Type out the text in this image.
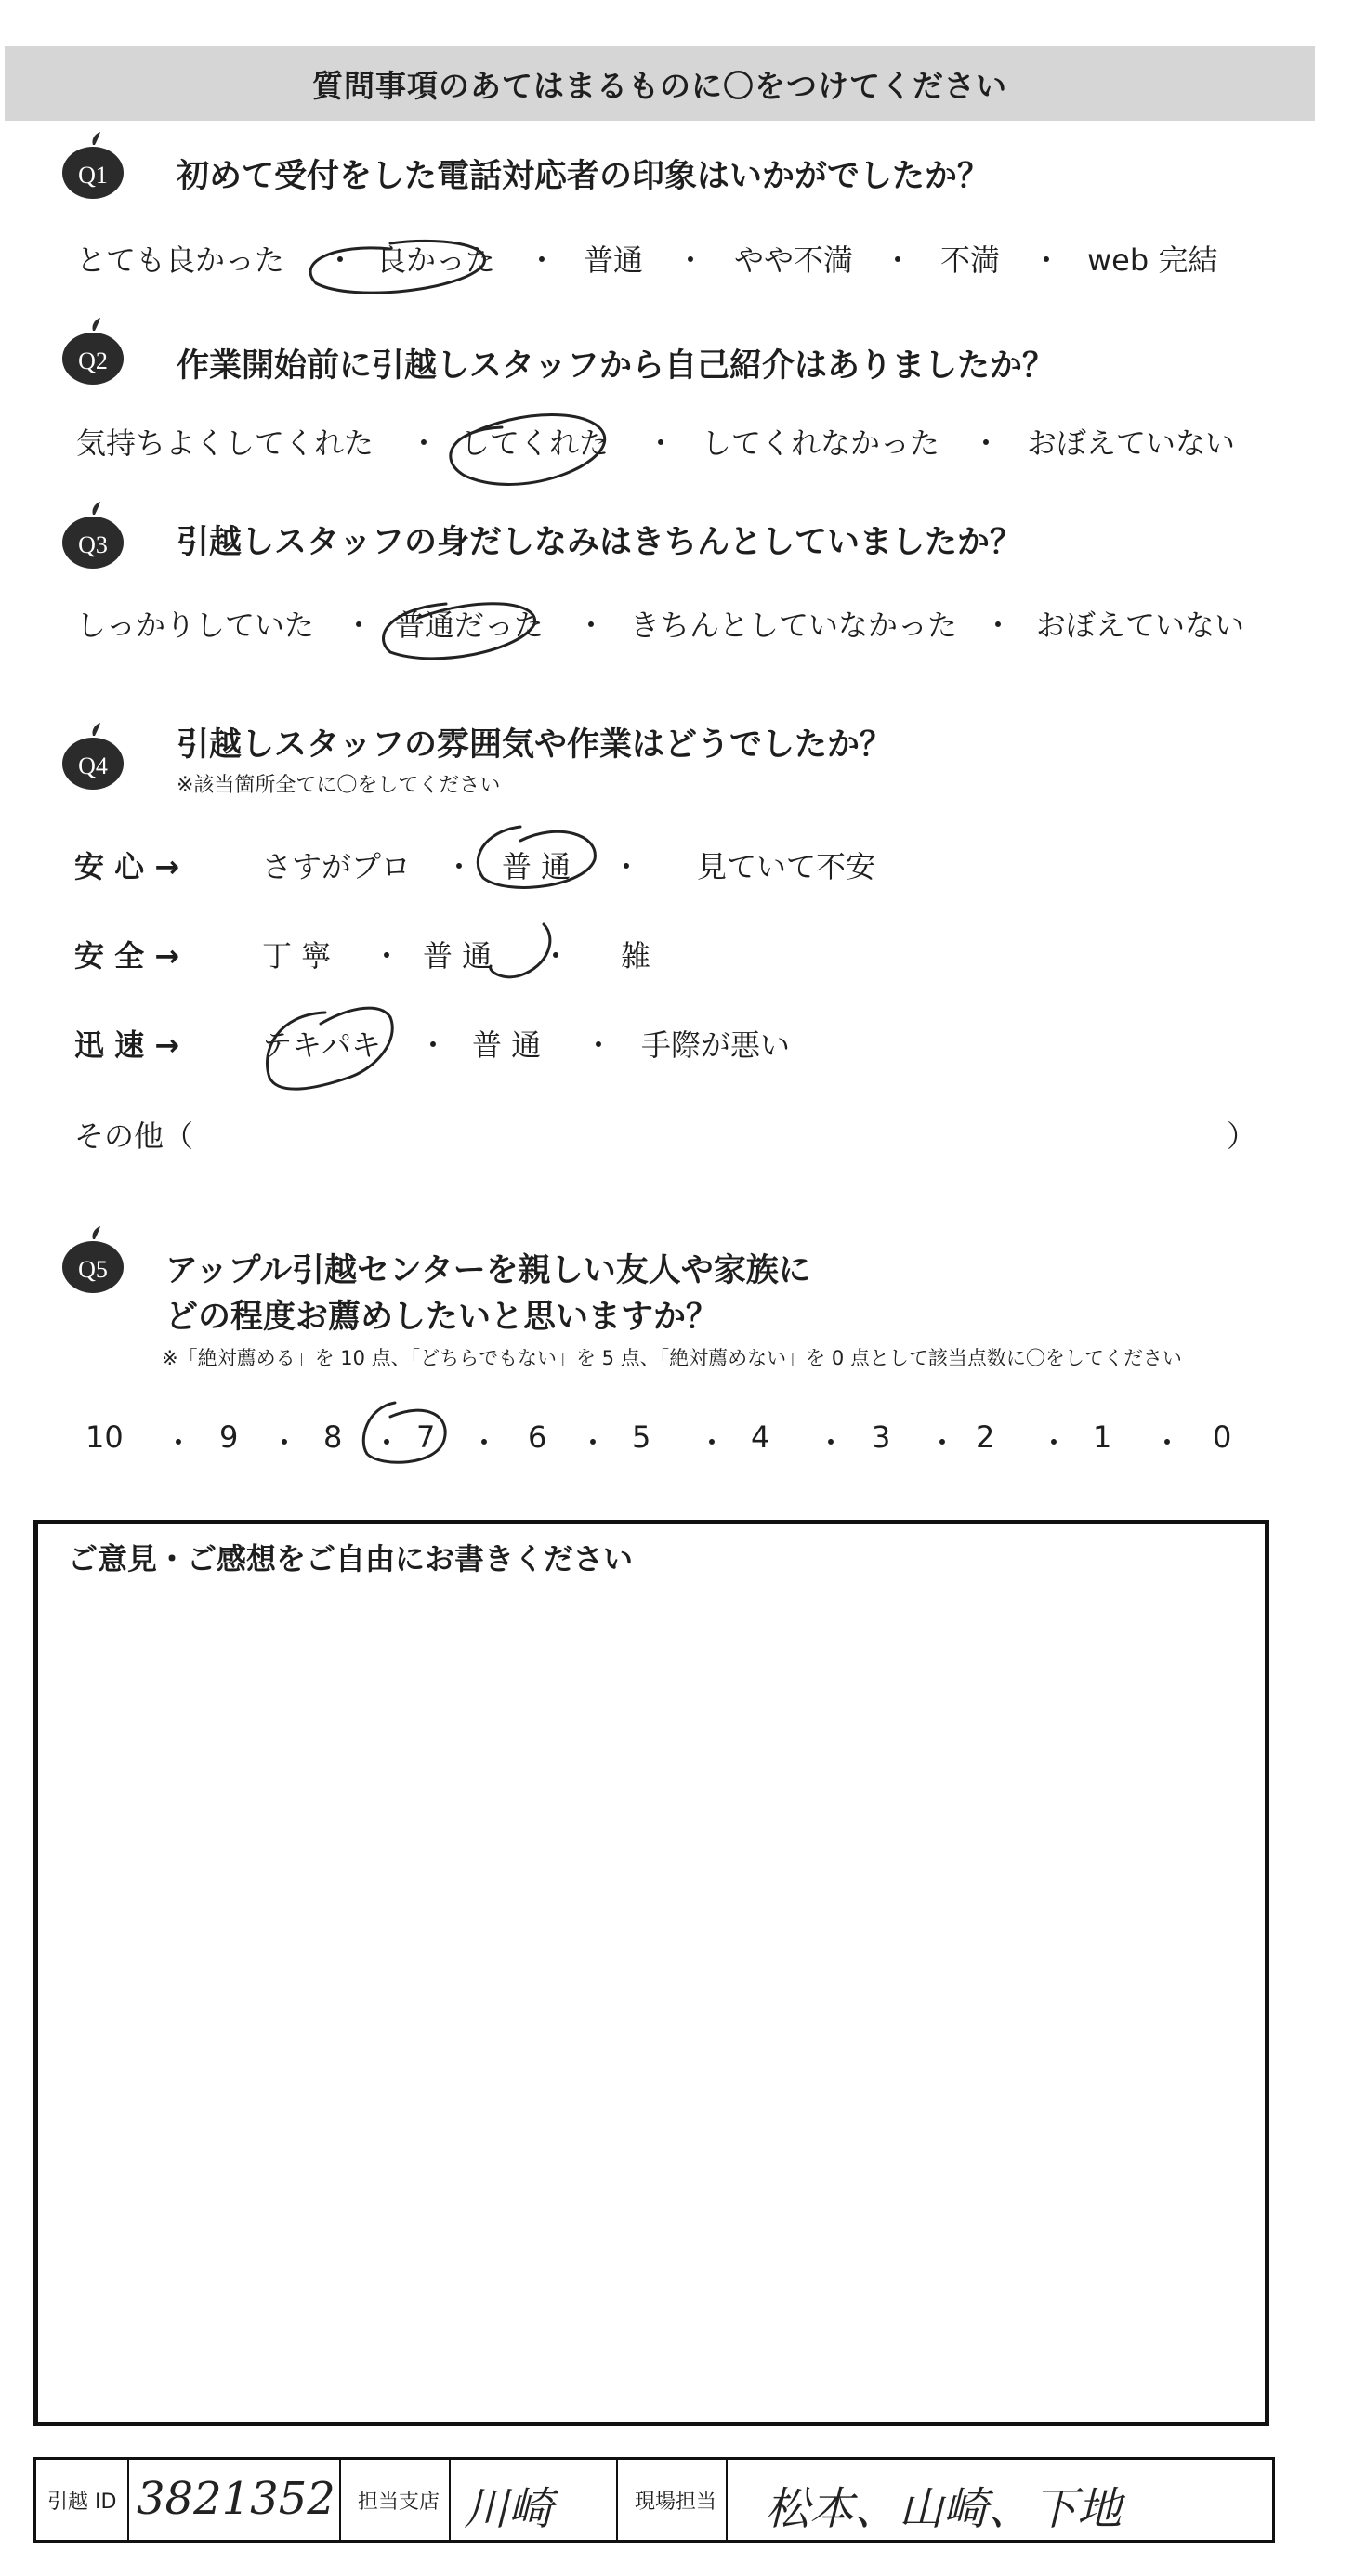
質問事項のあてはまるものに〇をつけてください
Q1 初めて受付をした電話対応者の印象はいかがでしたか？
とても良かった ・ 良かった ・ 普通 ・ やや不満 ・ 不満 ・ web 完結
Q2 作業開始前に引越しスタッフから自己紹介はありましたか？
気持ちよくしてくれた ・ してくれた ・ してくれなかった ・ おぼえていない
Q3 引越しスタッフの身だしなみはきちんとしていましたか？
しっかりしていた ・ 普通だった ・ きちんとしていなかった ・ おぼえていない
Q4
引越しスタッフの雰囲気や作業はどうでしたか？
※該当箇所全てに〇をしてください
安 心 →	さすがプロ ・ 普 通 ・ 見ていて不安
安 全 →	丁 寧 ・ 普 通 ・ 雑
迅 速 →	テキパキ ・ 普 通 ・ 手際が悪い
その他（	）
Q5 アップル引越センターを親しい友人や家族に
どの程度お薦めしたいと思いますか？
※「絶対薦める」を 10 点、「どちらでもない」を 5 点、「絶対薦めない」を 0 点として該当点数に〇をしてください
10 ・ 9 ・ 8 ・ 7 ・ 6 ・ 5 ・ 4 ・ 3 ・ 2 ・ 1 ・ 0
ご意見・ご感想をご自由にお書きください
引越 ID 3821352 担当支店 川崎	現場担当 松本、山崎、下地
